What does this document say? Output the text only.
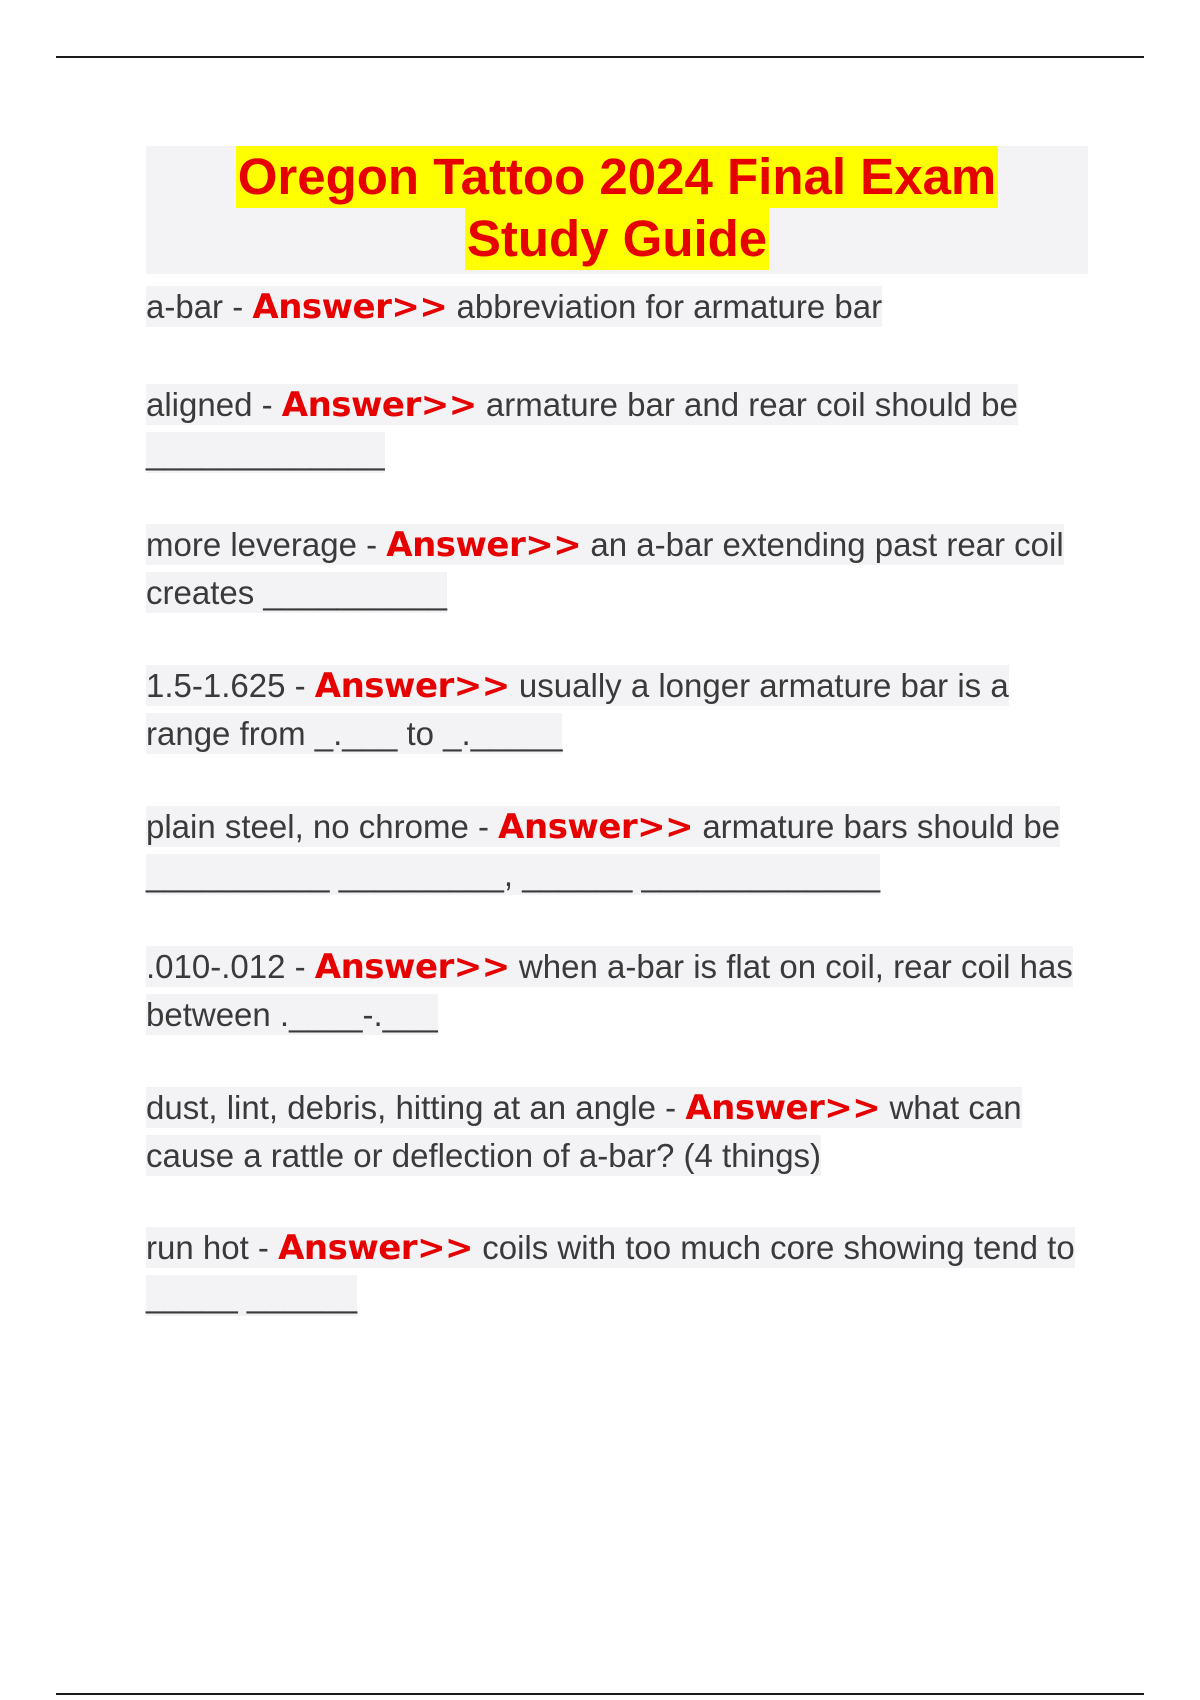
Oregon Tattoo 2024 Final Exam
Study Guide
a-bar - Answer>> abbreviation for armature bar
aligned - Answer>> armature bar and rear coil should be _____________
more leverage - Answer>> an a-bar extending past rear coil creates __________
1.5-1.625 - Answer>> usually a longer armature bar is a range from _.___ to _._____
plain steel, no chrome - Answer>> armature bars should be __________ _________, ______ _____________
.010-.012 - Answer>> when a-bar is flat on coil, rear coil has between .____-.___
dust, lint, debris, hitting at an angle - Answer>> what can cause a rattle or deflection of a-bar? (4 things)
run hot - Answer>> coils with too much core showing tend to _____ ______
